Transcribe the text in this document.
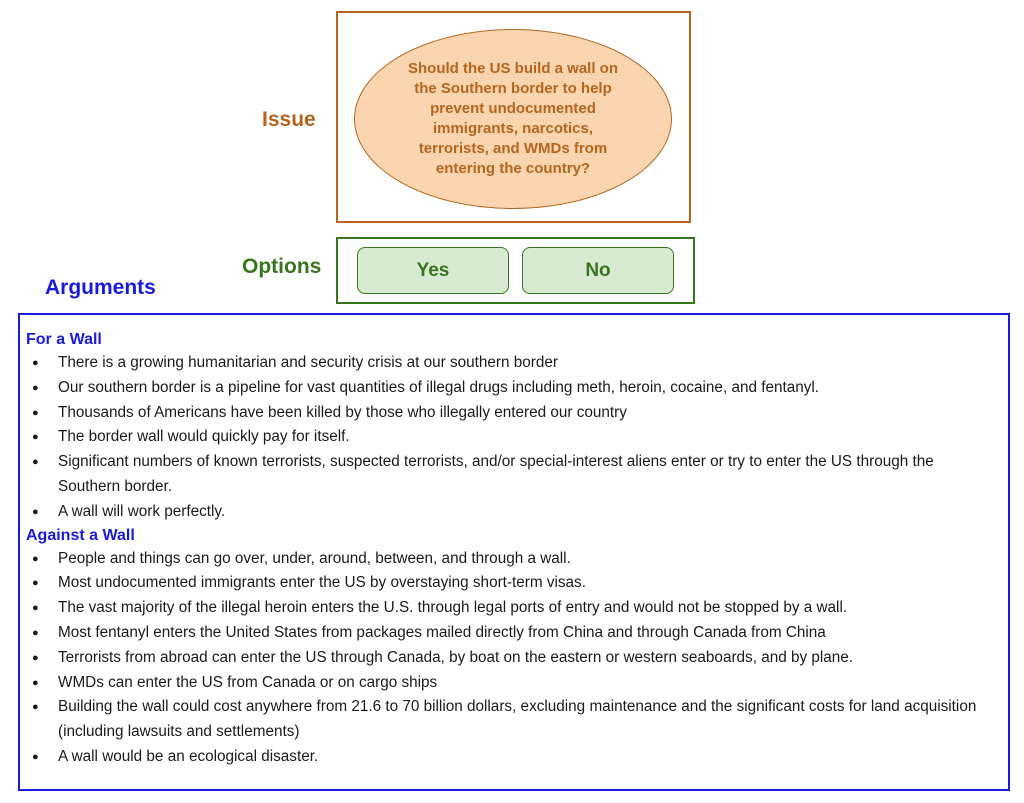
Issue
Should the US build a wall on the Southern border to help prevent undocumented immigrants, narcotics, terrorists, and WMDs from entering the country?
Options	Yes	No
Arguments
For a Wall
● There is a growing humanitarian and security crisis at our southern border
● Our southern border is a pipeline for vast quantities of illegal drugs including meth, heroin, cocaine, and fentanyl.
● Thousands of Americans have been killed by those who illegally entered our country
● The border wall would quickly pay for itself.
● Significant numbers of known terrorists, suspected terrorists, and/or special-interest aliens enter or try to enter the US through the Southern border.
● A wall will work perfectly.
Against a Wall
● People and things can go over, under, around, between, and through a wall.
● Most undocumented immigrants enter the US by overstaying short-term visas.
● The vast majority of the illegal heroin enters the U.S. through legal ports of entry and would not be stopped by a wall.
● Most fentanyl enters the United States from packages mailed directly from China and through Canada from China
● Terrorists from abroad can enter the US through Canada, by boat on the eastern or western seaboards, and by plane.
● WMDs can enter the US from Canada or on cargo ships
● Building the wall could cost anywhere from 21.6 to 70 billion dollars, excluding maintenance and the significant costs for land acquisition (including lawsuits and settlements)
● A wall would be an ecological disaster.
